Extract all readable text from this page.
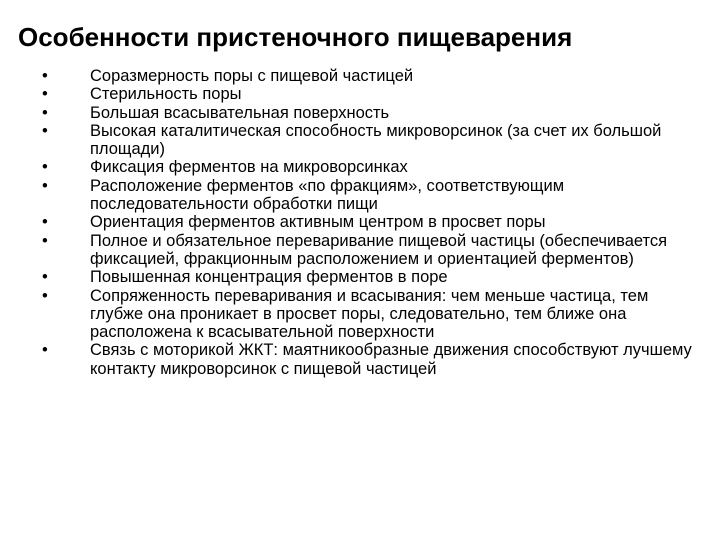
Особенности пристеночного пищеварения
•	Соразмерность поры с пищевой частицей
•	Стерильность поры
•	Большая всасывательная поверхность
•	Высокая каталитическая способность микроворсинок (за счет их большой площади)
•	Фиксация ферментов на микроворсинках
•	Расположение ферментов «по фракциям», соответствующим последовательности обработки пищи
•	Ориентация ферментов активным центром в просвет поры
•	Полное и обязательное переваривание пищевой частицы (обеспечивается фиксацией, фракционным расположением и ориентацией ферментов)
•	Повышенная концентрация ферментов в поре
•	Сопряженность переваривания и всасывания: чем меньше частица, тем глубже она проникает в просвет поры, следовательно, тем ближе она расположена к всасывательной поверхности
•	Связь с моторикой ЖКТ: маятникообразные движения способствуют лучшему контакту микроворсинок с пищевой частицей
